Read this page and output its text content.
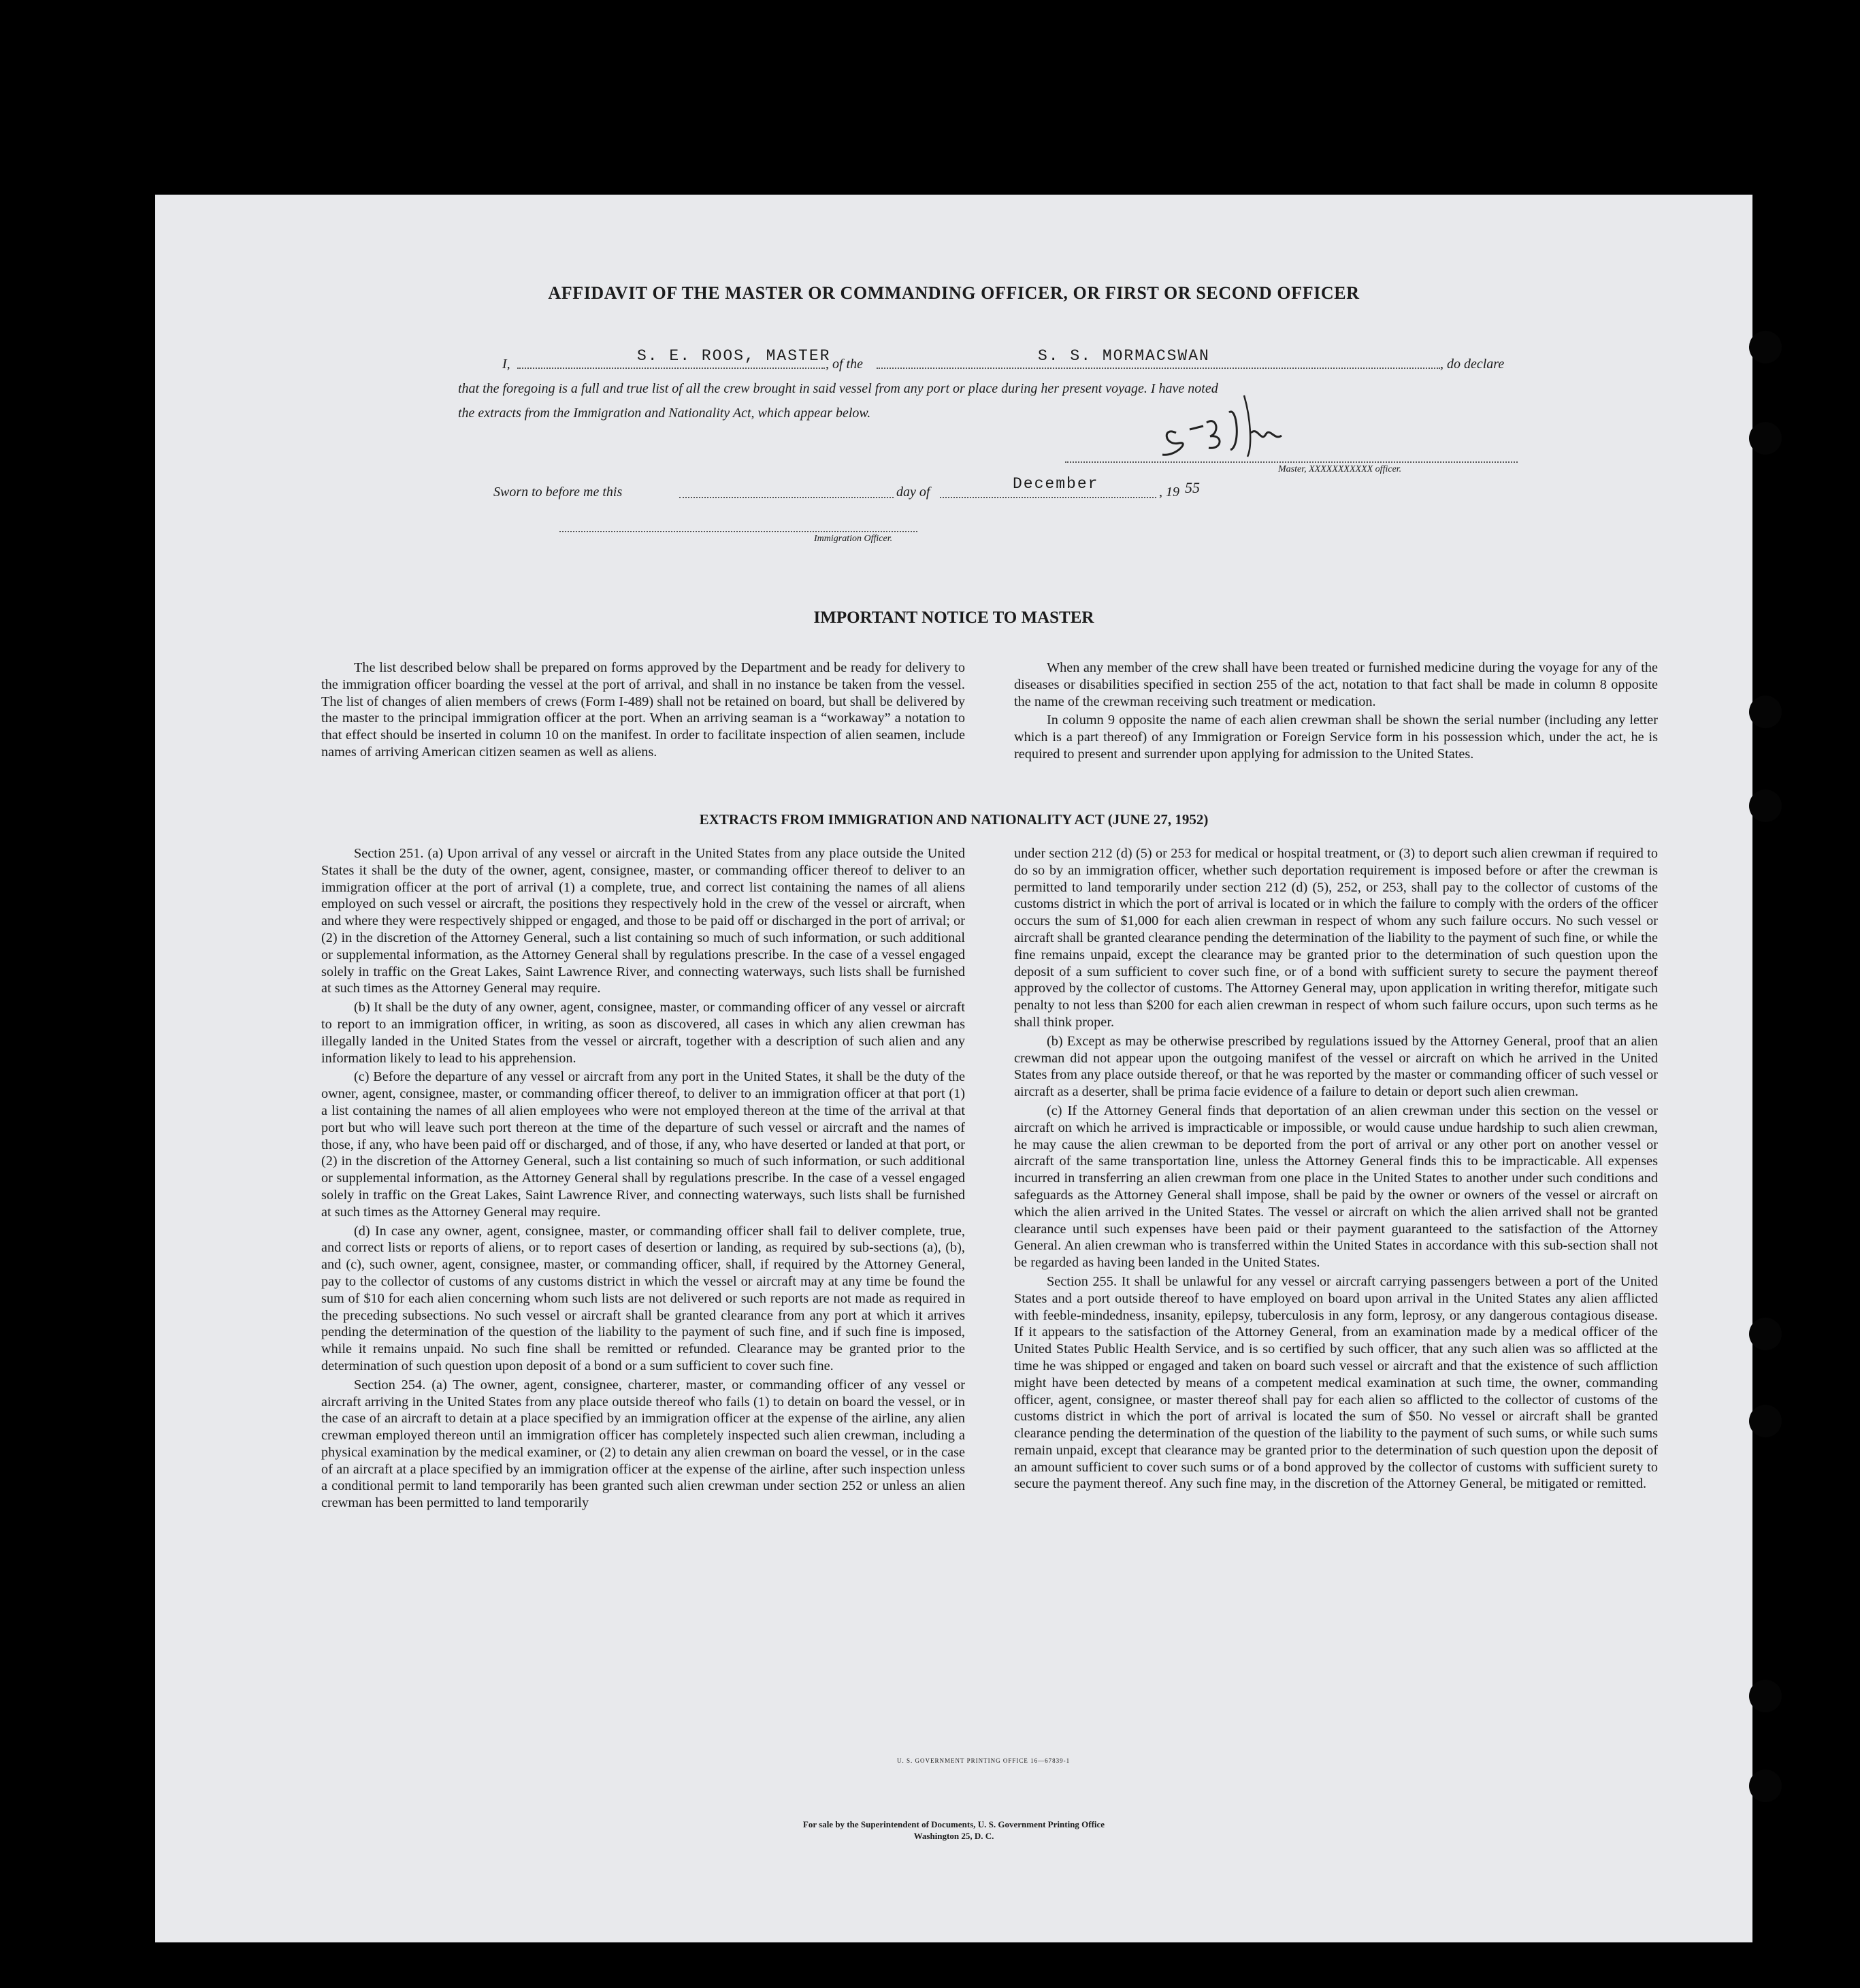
AFFIDAVIT OF THE MASTER OR COMMANDING OFFICER, OR FIRST OR SECOND OFFICER
I,	S. E. ROOS, MASTER
, of the	S. S. MORMACSWAN	, do declare
that the foregoing is a full and true list of all the crew brought in said vessel from any port or place during her present voyage. I have noted
the extracts from the Immigration and Nationality Act, which appear below.
Master, XXXXXXXXXXX officer.
Sworn to before me this	day of	December	, 19 55
Immigration Officer.
IMPORTANT NOTICE TO MASTER

The list described below shall be prepared on forms approved by the Department and be ready for delivery to the immigration officer boarding the vessel at the port of arrival, and shall in no instance be taken from the vessel. The list of changes of alien members of crews (Form I-489) shall not be retained on board, but shall be delivered by the master to the principal immigration officer at the port. When an arriving seaman is a “workaway” a notation to that effect should be inserted in column 10 on the manifest. In order to facilitate inspection of alien seamen, include names of arriving American citizen seamen as well as aliens.

When any member of the crew shall have been treated or furnished medicine during the voyage for any of the diseases or disabilities specified in section 255 of the act, notation to that fact shall be made in column 8 opposite the name of the crewman receiving such treatment or medication.

In column 9 opposite the name of each alien crewman shall be shown the serial number (including any letter which is a part thereof) of any Immigration or Foreign Service form in his possession which, under the act, he is required to present and surrender upon applying for admission to the United States.

EXTRACTS FROM IMMIGRATION AND NATIONALITY ACT (JUNE 27, 1952)

Section 251. (a) Upon arrival of any vessel or aircraft in the United States from any place outside the United States it shall be the duty of the owner, agent, consignee, master, or commanding officer thereof to deliver to an immigration officer at the port of arrival (1) a complete, true, and correct list containing the names of all aliens employed on such vessel or aircraft, the positions they respectively hold in the crew of the vessel or aircraft, when and where they were respectively shipped or engaged, and those to be paid off or discharged in the port of arrival; or (2) in the discretion of the Attorney General, such a list containing so much of such information, or such additional or supplemental information, as the Attorney General shall by regulations prescribe. In the case of a vessel engaged solely in traffic on the Great Lakes, Saint Lawrence River, and connecting waterways, such lists shall be furnished at such times as the Attorney General may require.

(b) It shall be the duty of any owner, agent, consignee, master, or commanding officer of any vessel or aircraft to report to an immigration officer, in writing, as soon as discovered, all cases in which any alien crewman has illegally landed in the United States from the vessel or aircraft, together with a description of such alien and any information likely to lead to his apprehension.

(c) Before the departure of any vessel or aircraft from any port in the United States, it shall be the duty of the owner, agent, consignee, master, or commanding officer thereof, to deliver to an immigration officer at that port (1) a list containing the names of all alien employees who were not employed thereon at the time of the arrival at that port but who will leave such port thereon at the time of the departure of such vessel or aircraft and the names of those, if any, who have been paid off or discharged, and of those, if any, who have deserted or landed at that port, or (2) in the discretion of the Attorney General, such a list containing so much of such information, or such additional or supplemental information, as the Attorney General shall by regulations prescribe. In the case of a vessel engaged solely in traffic on the Great Lakes, Saint Lawrence River, and connecting waterways, such lists shall be furnished at such times as the Attorney General may require.

(d) In case any owner, agent, consignee, master, or commanding officer shall fail to deliver complete, true, and correct lists or reports of aliens, or to report cases of desertion or landing, as required by sub-sections (a), (b), and (c), such owner, agent, consignee, master, or commanding officer, shall, if required by the Attorney General, pay to the collector of customs of any customs district in which the vessel or aircraft may at any time be found the sum of $10 for each alien concerning whom such lists are not delivered or such reports are not made as required in the preceding subsections. No such vessel or aircraft shall be granted clearance from any port at which it arrives pending the determination of the question of the liability to the payment of such fine, and if such fine is imposed, while it remains unpaid. No such fine shall be remitted or refunded. Clearance may be granted prior to the determination of such question upon deposit of a bond or a sum sufficient to cover such fine.

Section 254. (a) The owner, agent, consignee, charterer, master, or commanding officer of any vessel or aircraft arriving in the United States from any place outside thereof who fails (1) to detain on board the vessel, or in the case of an aircraft to detain at a place specified by an immigration officer at the expense of the airline, any alien crewman employed thereon until an immigration officer has completely inspected such alien crewman, including a physical examination by the medical examiner, or (2) to detain any alien crewman on board the vessel, or in the case of an aircraft at a place specified by an immigration officer at the expense of the airline, after such inspection unless a conditional permit to land temporarily has been granted such alien crewman under section 252 or unless an alien crewman has been permitted to land temporarily

under section 212 (d) (5) or 253 for medical or hospital treatment, or (3) to deport such alien crewman if required to do so by an immigration officer, whether such deportation requirement is imposed before or after the crewman is permitted to land temporarily under section 212 (d) (5), 252, or 253, shall pay to the collector of customs of the customs district in which the port of arrival is located or in which the failure to comply with the orders of the officer occurs the sum of $1,000 for each alien crewman in respect of whom any such failure occurs. No such vessel or aircraft shall be granted clearance pending the determination of the liability to the payment of such fine, or while the fine remains unpaid, except the clearance may be granted prior to the determination of such question upon the deposit of a sum sufficient to cover such fine, or of a bond with sufficient surety to secure the payment thereof approved by the collector of customs. The Attorney General may, upon application in writing therefor, mitigate such penalty to not less than $200 for each alien crewman in respect of whom such failure occurs, upon such terms as he shall think proper.

(b) Except as may be otherwise prescribed by regulations issued by the Attorney General, proof that an alien crewman did not appear upon the outgoing manifest of the vessel or aircraft on which he arrived in the United States from any place outside thereof, or that he was reported by the master or commanding officer of such vessel or aircraft as a deserter, shall be prima facie evidence of a failure to detain or deport such alien crewman.

(c) If the Attorney General finds that deportation of an alien crewman under this section on the vessel or aircraft on which he arrived is impracticable or impossible, or would cause undue hardship to such alien crewman, he may cause the alien crewman to be deported from the port of arrival or any other port on another vessel or aircraft of the same transportation line, unless the Attorney General finds this to be impracticable. All expenses incurred in transferring an alien crewman from one place in the United States to another under such conditions and safeguards as the Attorney General shall impose, shall be paid by the owner or owners of the vessel or aircraft on which the alien arrived in the United States. The vessel or aircraft on which the alien arrived shall not be granted clearance until such expenses have been paid or their payment guaranteed to the satisfaction of the Attorney General. An alien crewman who is transferred within the United States in accordance with this sub-section shall not be regarded as having been landed in the United States.

Section 255. It shall be unlawful for any vessel or aircraft carrying passengers between a port of the United States and a port outside thereof to have employed on board upon arrival in the United States any alien afflicted with feeble-mindedness, insanity, epilepsy, tuberculosis in any form, leprosy, or any dangerous contagious disease. If it appears to the satisfaction of the Attorney General, from an examination made by a medical officer of the United States Public Health Service, and is so certified by such officer, that any such alien was so afflicted at the time he was shipped or engaged and taken on board such vessel or aircraft and that the existence of such affliction might have been detected by means of a competent medical examination at such time, the owner, commanding officer, agent, consignee, or master thereof shall pay for each alien so afflicted to the collector of customs of the customs district in which the port of arrival is located the sum of $50. No vessel or aircraft shall be granted clearance pending the determination of the question of the liability to the payment of such sums, or while such sums remain unpaid, except that clearance may be granted prior to the determination of such question upon the deposit of an amount sufficient to cover such sums or of a bond approved by the collector of customs with sufficient surety to secure the payment thereof. Any such fine may, in the discretion of the Attorney General, be mitigated or remitted.

U. S. GOVERNMENT PRINTING OFFICE 16—67839-1
For sale by the Superintendent of Documents, U. S. Government Printing Office
Washington 25, D. C.
